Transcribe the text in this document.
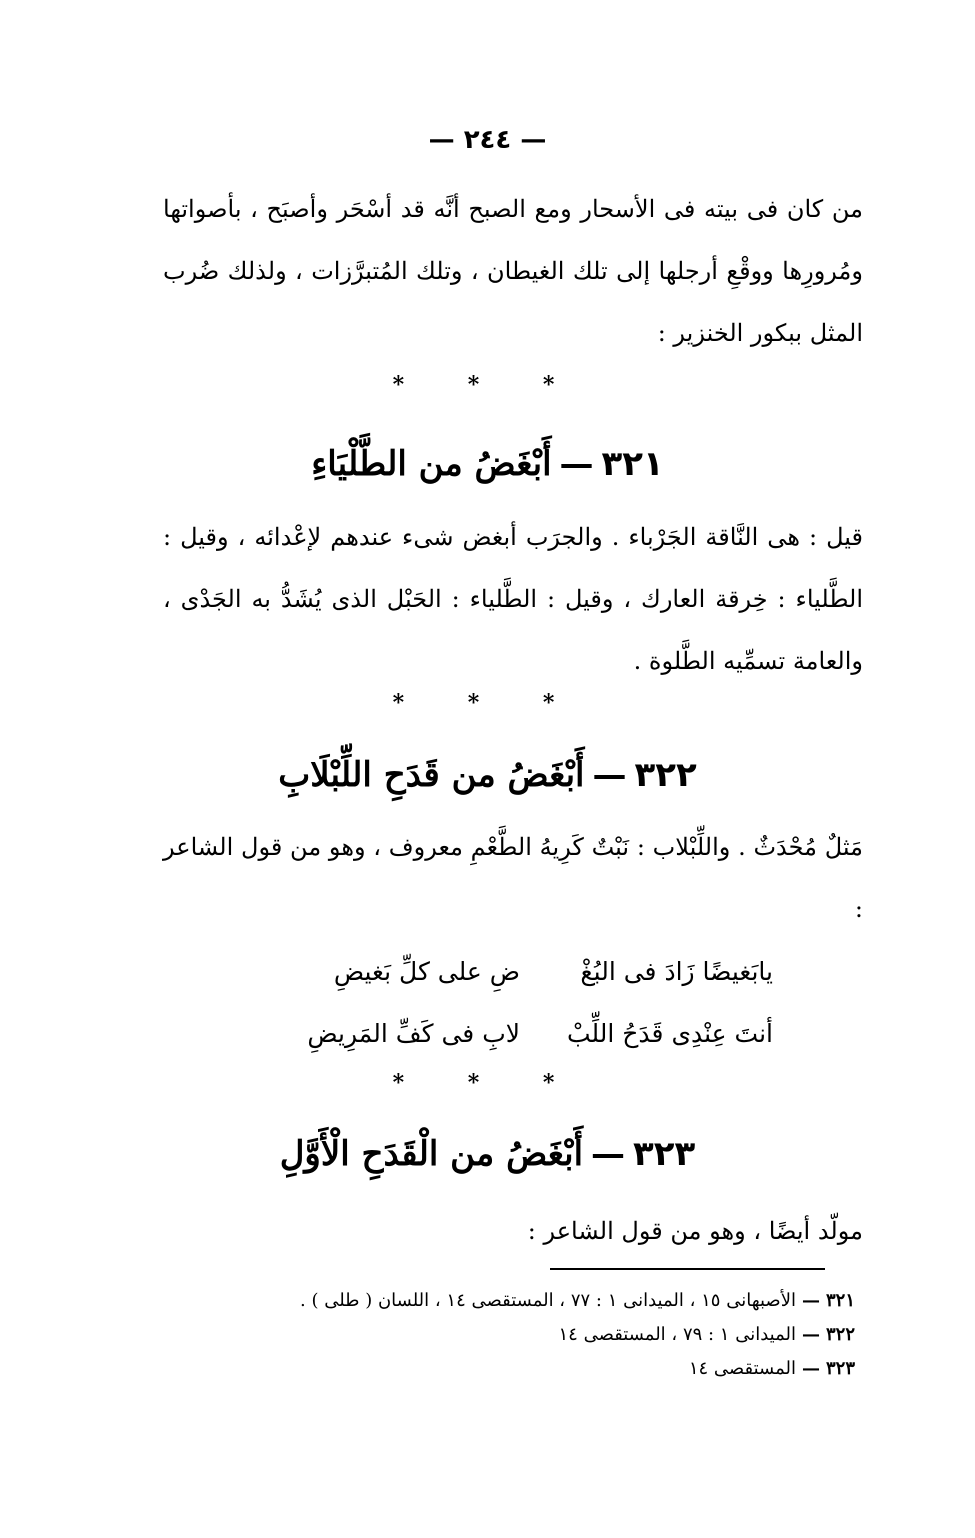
— ٢٤٤ —

من كان فى بيته فى الأسحار ومع الصبح أنَّه قد أسْحَر وأصبَح ، بأصواتها ومُرورِها ووقْعِ أرجلها إلى تلك الغيطان ، وتلك المُتبرَّزات ، ولذلك ضُرب المثل ببكور الخنزير :

* * *
٣٢١—أَبْغَضُ من الطَّلْيَاءِ

قيل : هى النَّاقة الجَرْباء . والجرَب أبغض شىء عندهم لإعْدائه ، وقيل : الطَّلياء : خِرقة العارك ، وقيل : الطَّلياء : الحَبْل الذى يُشَدُّ به الجَدْى ، والعامة تسمِّيه الطَّلوة .

* * *
٣٢٢—أَبْغَضُ من قَدَحِ اللِّبْلَابِ

مَثلٌ مُحْدَثٌ . واللِّبْلاب : نَبْتٌ كَرِيهُ الطَّعْمِ معروف ، وهو من قول الشاعر :

يابَغيضًا زَادَ فى البُغْ
ضِ على كلِّ بَغيضِ
أنتَ عِنْدِى قَدَحُ اللِّبْ
لابِ فى كَفِّ المَرِيضِ
* * *
٣٢٣—أَبْغَضُ من الْقَدَحِ الْأَوَّلِ

مولّد أيضًا ، وهو من قول الشاعر :

٣٢١—الأصبهانى ١٥ ، الميدانى ١ : ٧٧ ، المستقصى ١٤ ، اللسان ( طلى ) .
٣٢٢—الميدانى ١ : ٧٩ ، المستقصى ١٤
٣٢٣—المستقصى ١٤
